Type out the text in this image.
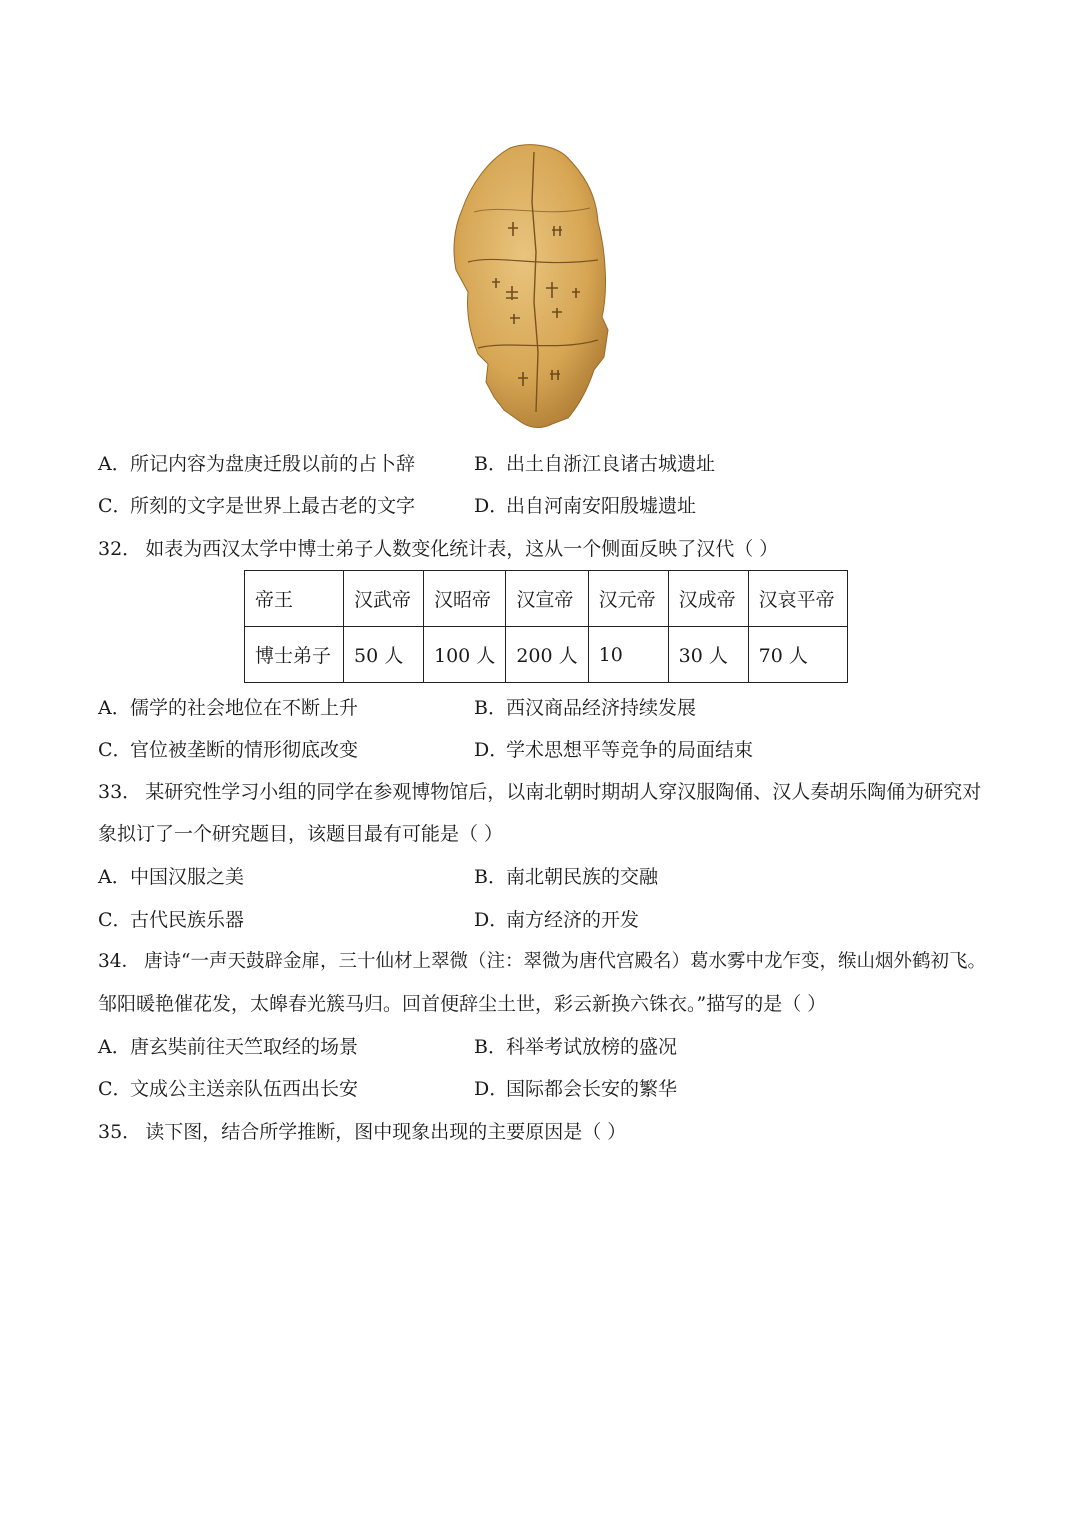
A．所记内容为盘庚迁殷以前的占卜辞	B．出土自浙江良诸古城遗址
C．所刻的文字是世界上最古老的文字	D．出自河南安阳殷墟遗址
32． 如表为西汉太学中博士弟子人数变化统计表，这从一个侧面反映了汉代（ ）
帝王	汉武帝	汉昭帝	汉宣帝	汉元帝	汉成帝	汉哀平帝
博士弟子	50 人	100 人	200 人	10	30 人	70 人
A．儒学的社会地位在不断上升	B．西汉商品经济持续发展
C．官位被垄断的情形彻底改变	D．学术思想平等竞争的局面结束
33． 某研究性学习小组的同学在参观博物馆后，以南北朝时期胡人穿汉服陶俑、汉人奏胡乐陶俑为研究对
象拟订了一个研究题目，该题目最有可能是（ ）
A．中国汉服之美	B．南北朝民族的交融
C．古代民族乐器	D．南方经济的开发
34． 唐诗“一声天鼓辟金扉，三十仙材上翠微（注：翠微为唐代宫殿名）葛水雾中龙乍变，缑山烟外鹤初飞。
邹阳暖艳催花发，太皞春光簇马归。回首便辞尘土世，彩云新换六铢衣。”描写的是（ ）
A．唐玄奘前往天竺取经的场景	B．科举考试放榜的盛况
C．文成公主送亲队伍西出长安	D．国际都会长安的繁华
35． 读下图，结合所学推断，图中现象出现的主要原因是（ ）
